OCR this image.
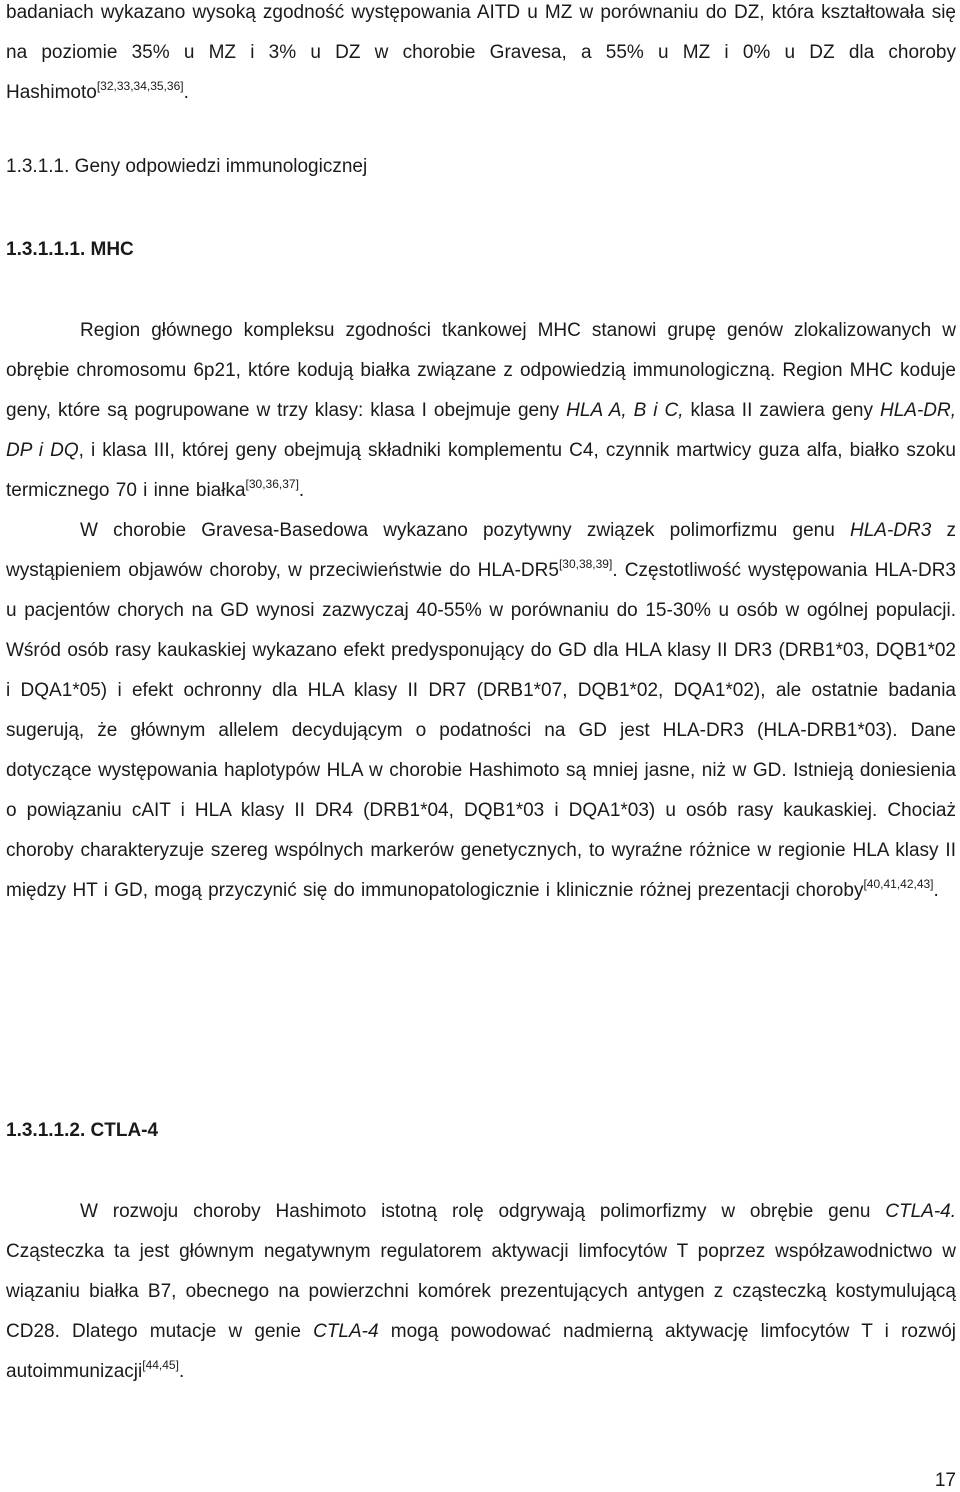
badaniach wykazano wysoką zgodność występowania AITD u MZ w porównaniu do DZ, która kształtowała się na poziomie 35% u MZ i 3% u DZ w chorobie Gravesa, a 55% u MZ i 0% u DZ dla choroby Hashimoto[32,33,34,35,36].

1.3.1.1. Geny odpowiedzi immunologicznej

1.3.1.1.1. MHC

Region głównego kompleksu zgodności tkankowej MHC stanowi grupę genów zlokalizowanych w obrębie chromosomu 6p21, które kodują białka związane z odpowiedzią immunologiczną. Region MHC koduje geny, które są pogrupowane w trzy klasy: klasa I obejmuje geny HLA A, B i C, klasa II zawiera geny HLA-DR, DP i DQ, i klasa III, której geny obejmują składniki komplementu C4, czynnik martwicy guza alfa, białko szoku termicznego 70 i inne białka[30,36,37].

W chorobie Gravesa-Basedowa wykazano pozytywny związek polimorfizmu genu HLA-DR3 z wystąpieniem objawów choroby, w przeciwieństwie do HLA-DR5[30,38,39]. Częstotliwość występowania HLA-DR3 u pacjentów chorych na GD wynosi zazwyczaj 40-55% w porównaniu do 15-30% u osób w ogólnej populacji. Wśród osób rasy kaukaskiej wykazano efekt predysponujący do GD dla HLA klasy II DR3 (DRB1*03, DQB1*02 i DQA1*05) i efekt ochronny dla HLA klasy II DR7 (DRB1*07, DQB1*02, DQA1*02), ale ostatnie badania sugerują, że głównym allelem decydującym o podatności na GD jest HLA-DR3 (HLA-DRB1*03). Dane dotyczące występowania haplotypów HLA w chorobie Hashimoto są mniej jasne, niż w GD. Istnieją doniesienia o powiązaniu cAIT i HLA klasy II DR4 (DRB1*04, DQB1*03 i DQA1*03) u osób rasy kaukaskiej. Chociaż choroby charakteryzuje szereg wspólnych markerów genetycznych, to wyraźne różnice w regionie HLA klasy II między HT i GD, mogą przyczynić się do immunopatologicznie i klinicznie różnej prezentacji choroby[40,41,42,43].

1.3.1.1.2. CTLA-4

W rozwoju choroby Hashimoto istotną rolę odgrywają polimorfizmy w obrębie genu CTLA-4. Cząsteczka ta jest głównym negatywnym regulatorem aktywacji limfocytów T poprzez współzawodnictwo w wiązaniu białka B7, obecnego na powierzchni komórek prezentujących antygen z cząsteczką kostymulującą CD28. Dlatego mutacje w genie CTLA-4 mogą powodować nadmierną aktywację limfocytów T i rozwój autoimmunizacji[44,45].

17
